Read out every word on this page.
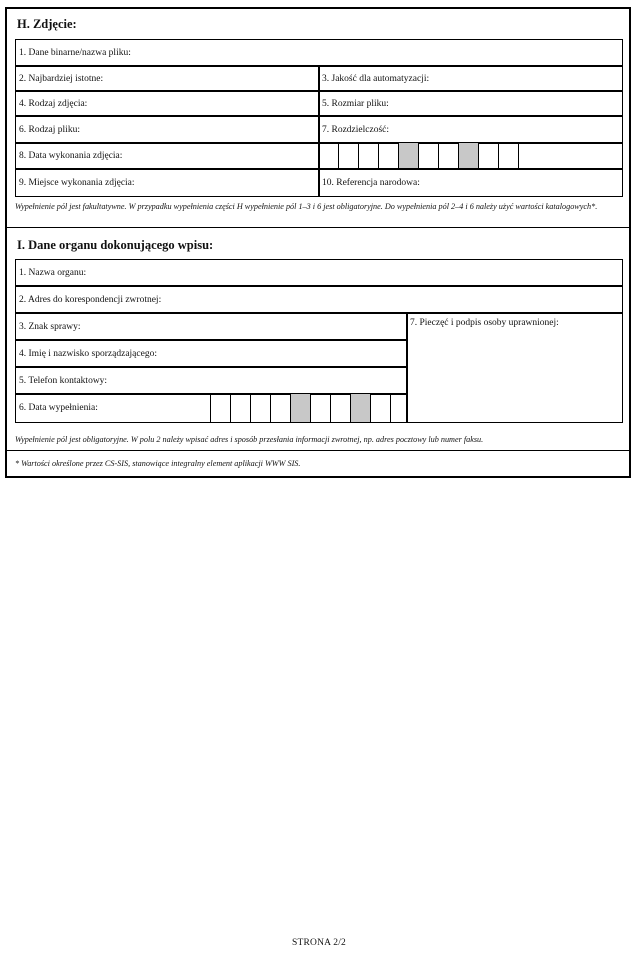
H. Zdjęcie:
1. Dane binarne/nazwa pliku:
2. Najbardziej istotne:	3. Jakość dla automatyzacji:
4. Rodzaj zdjęcia:	5. Rozmiar pliku:
6. Rodzaj pliku:	7. Rozdzielczość:
8. Data wykonania zdjęcia:
9. Miejsce wykonania zdjęcia:	10. Referencja narodowa:
Wypełnienie pól jest fakultatywne. W przypadku wypełnienia części H wypełnienie pól 1–3 i 6 jest obligatoryjne. Do wypełnienia pól 2–4 i 6 należy użyć wartości katalogowych*.
I. Dane organu dokonującego wpisu:
1. Nazwa organu:
2. Adres do korespondencji zwrotnej:
3. Znak sprawy:
4. Imię i nazwisko sporządzającego:
5. Telefon kontaktowy:
6. Data wypełnienia:
7. Pieczęć i podpis osoby uprawnionej:
Wypełnienie pól jest obligatoryjne. W polu 2 należy wpisać adres i sposób przesłania informacji zwrotnej, np. adres pocztowy lub numer faksu.
* Wartości określone przez CS-SIS, stanowiące integralny element aplikacji WWW SIS.
STRONA 2/2
